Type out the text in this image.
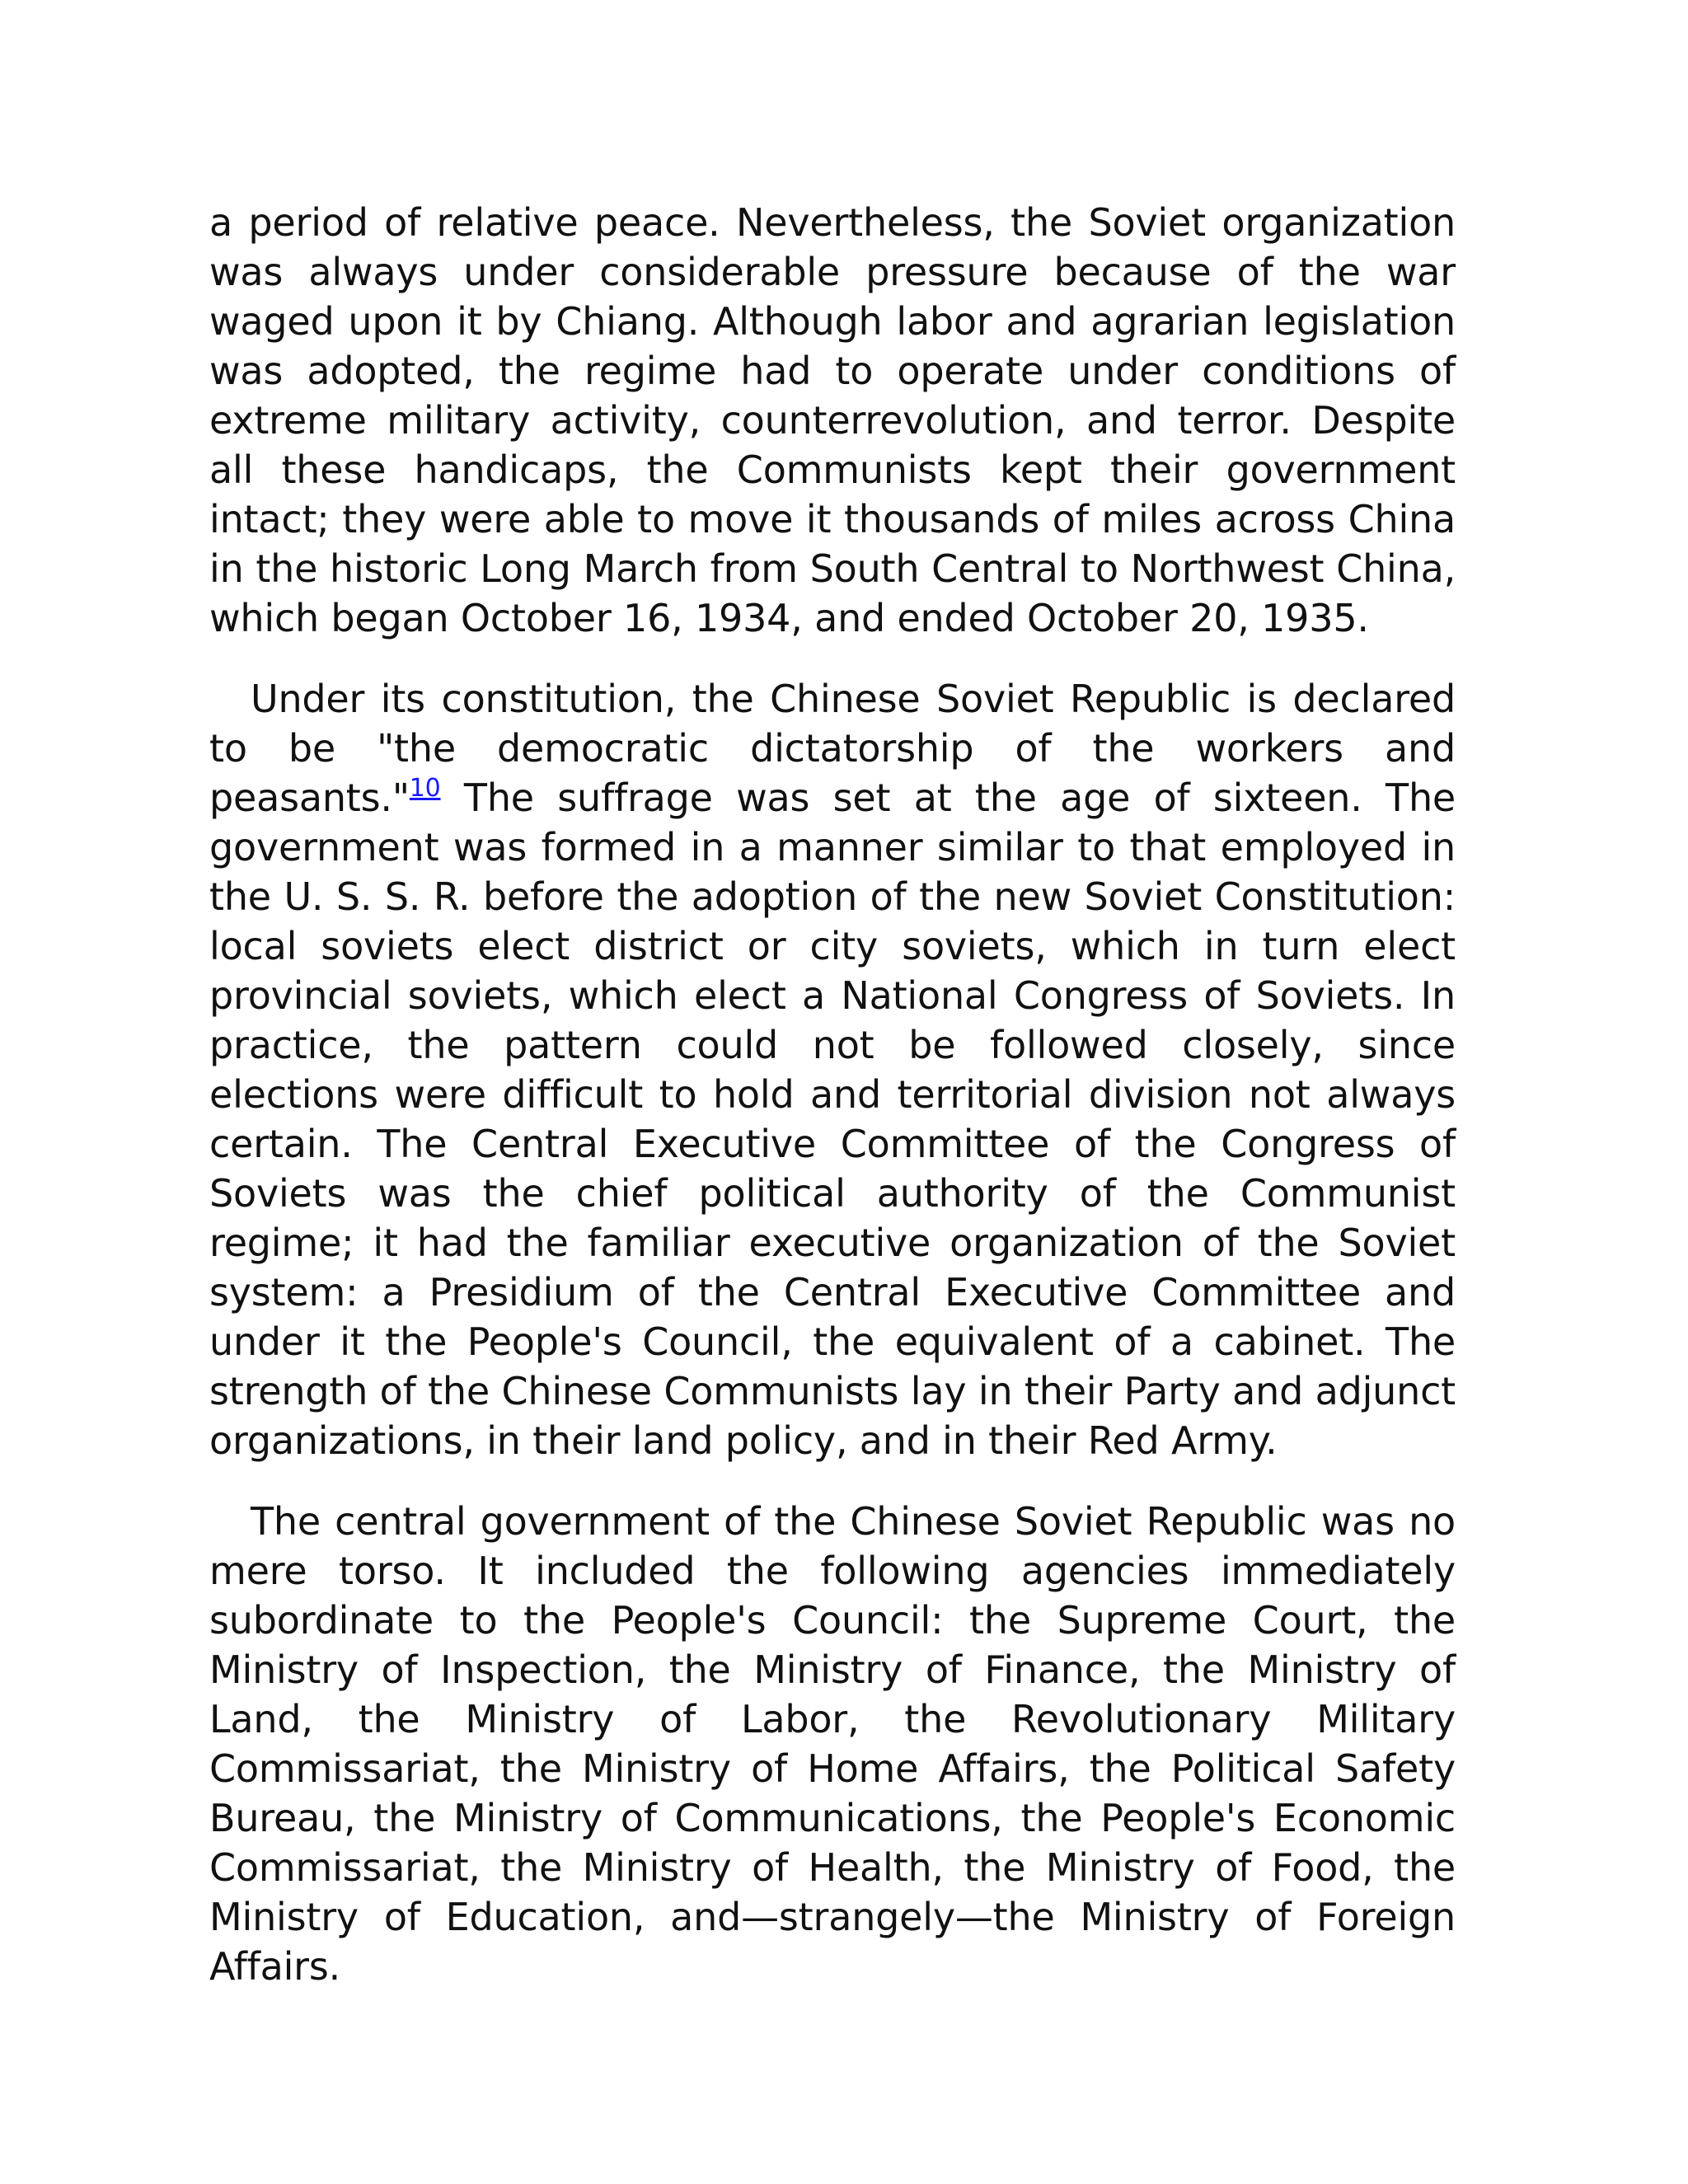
a period of relative peace. Nevertheless, the Soviet organization was always under considerable pressure because of the war waged upon it by Chiang. Although labor and agrarian legislation was adopted, the regime had to operate under conditions of extreme military activity, counterrevolution, and terror. Despite all these handicaps, the Communists kept their government intact; they were able to move it thousands of miles across China in the historic Long March from South Central to Northwest China, which began October 16, 1934, and ended October 20, 1935.

Under its constitution, the Chinese Soviet Republic is declared to be "the democratic dictatorship of the workers and peasants."$^{10}$ The suffrage was set at the age of sixteen. The government was formed in a manner similar to that employed in the U. S. S. R. before the adoption of the new Soviet Constitution: local soviets elect district or city soviets, which in turn elect provincial soviets, which elect a National Congress of Soviets. In practice, the pattern could not be followed closely, since elections were difficult to hold and territorial division not always certain. The Central Executive Committee of the Congress of Soviets was the chief political authority of the Communist regime; it had the familiar executive organization of the Soviet system: a Presidium of the Central Executive Committee and under it the People's Council, the equivalent of a cabinet. The strength of the Chinese Communists lay in their Party and adjunct organizations, in their land policy, and in their Red Army.

The central government of the Chinese Soviet Republic was no mere torso. It included the following agencies immediately subordinate to the People's Council: the Supreme Court, the Ministry of Inspection, the Ministry of Finance, the Ministry of Land, the Ministry of Labor, the Revolutionary Military Commissariat, the Ministry of Home Affairs, the Political Safety Bureau, the Ministry of Communications, the People's Economic Commissariat, the Ministry of Health, the Ministry of Food, the Ministry of Education, and—strangely—the Ministry of Foreign Affairs.
